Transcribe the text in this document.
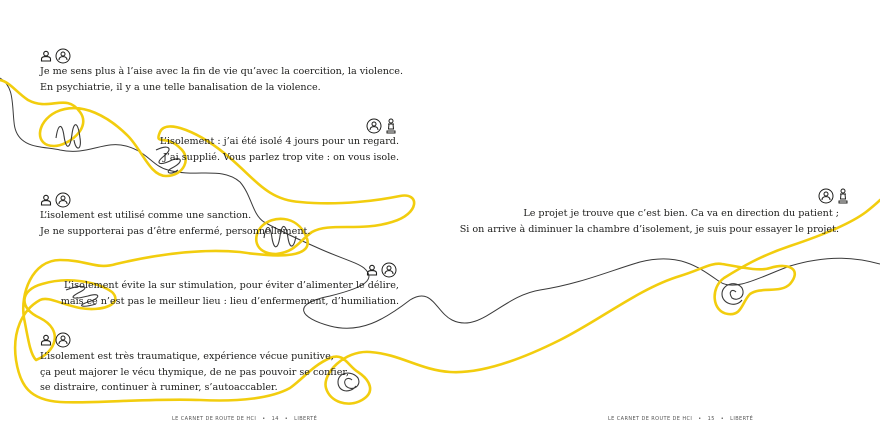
Je me sens plus à l’aise avec la fin de vie qu’avec la coercition, la violence.
En psychiatrie, il y a une telle banalisation de la violence.
L’isolement : j’ai été isolé 4 jours pour un regard.
J’ai supplié. Vous parlez trop vite : on vous isole.
L’isolement est utilisé comme une sanction.
Je ne supporterai pas d’être enfermé, personnellement.
L’isolement évite la sur stimulation, pour éviter d’alimenter le délire,
mais ce n’est pas le meilleur lieu : lieu d’enfermement, d’humiliation.
L’isolement est très traumatique, expérience vécue punitive,
ça peut majorer le vécu thymique, de ne pas pouvoir se confier,
se distraire, continuer à ruminer, s’autoaccabler.
Le projet je trouve que c’est bien. Ca va en direction du patient ;
Si on arrive à diminuer la chambre d’isolement, je suis pour essayer le projet.
LE CARNET DE ROUTE DE HCI • 14 • LIBERTÉ	LE CARNET DE ROUTE DE HCI • 15 • LIBERTÉ
